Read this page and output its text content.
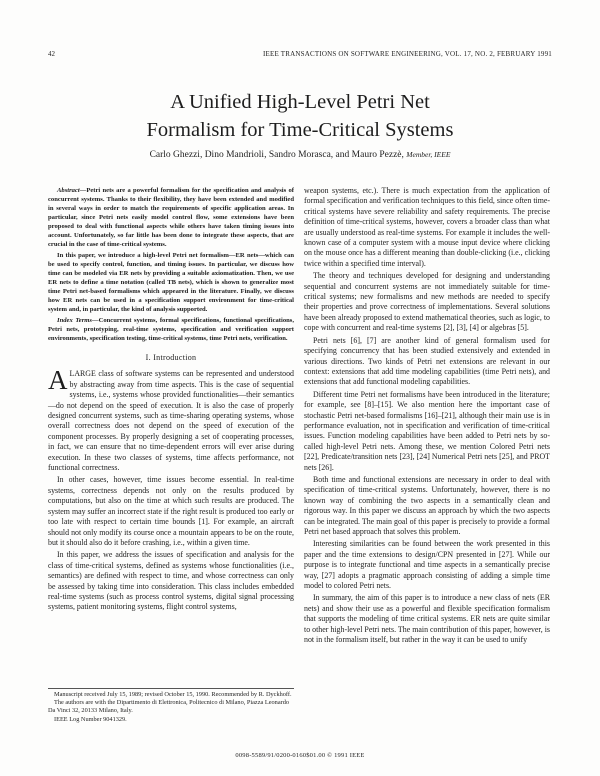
42	IEEE TRANSACTIONS ON SOFTWARE ENGINEERING, VOL. 17, NO. 2, FEBRUARY 1991
A Unified High-Level Petri Net
Formalism for Time-Critical Systems
Carlo Ghezzi, Dino Mandrioli, Sandro Morasca, and Mauro Pezzè, Member, IEEE

Abstract—Petri nets are a powerful formalism for the specification and analysis of concurrent systems. Thanks to their flexibility, they have been extended and modified in several ways in order to match the requirements of specific application areas. In particular, since Petri nets easily model control flow, some extensions have been proposed to deal with functional aspects while others have taken timing issues into account. Unfortunately, so far little has been done to integrate these aspects, that are crucial in the case of time-critical systems.

In this paper, we introduce a high-level Petri net formalism—ER nets—which can be used to specify control, function, and timing issues. In particular, we discuss how time can be modeled via ER nets by providing a suitable axiomatization. Then, we use ER nets to define a time notation (called TB nets), which is shown to generalize most time Petri net-based formalisms which appeared in the literature. Finally, we discuss how ER nets can be used in a specification support environment for time-critical system and, in particular, the kind of analysis supported.

Index Terms—Concurrent systems, formal specifications, functional specifications, Petri nets, prototyping, real-time systems, specification and verification support environments, specification testing, time-critical systems, time Petri nets, verification.

I. Introduction

ALARGE class of software systems can be represented and understood by abstracting away from time aspects. This is the case of sequential systems, i.e., systems whose provided functionalities—their semantics—do not depend on the speed of execution. It is also the case of properly designed concurrent systems, such as time-sharing operating systems, whose overall correctness does not depend on the speed of execution of the component processes. By properly designing a set of cooperating processes, in fact, we can ensure that no time-dependent errors will ever arise during execution. In these two classes of systems, time affects performance, not functional correctness.

In other cases, however, time issues become essential. In real-time systems, correctness depends not only on the results produced by computations, but also on the time at which such results are produced. The system may suffer an incorrect state if the right result is produced too early or too late with respect to certain time bounds [1]. For example, an aircraft should not only modify its course once a mountain appears to be on the route, but it should also do it before crashing, i.e., within a given time.

In this paper, we address the issues of specification and analysis for the class of time-critical systems, defined as systems whose functionalities (i.e., semantics) are defined with respect to time, and whose correctness can only be assessed by taking time into consideration. This class includes embedded real-time systems (such as process control systems, digital signal processing systems, patient monitoring systems, flight control systems,

Manuscript received July 15, 1989; revised October 15, 1990. Recommended by R. Dyckhoff.
The authors are with the Dipartimento di Elettronica, Politecnico di Milano, Piazza Leonardo Da Vinci 32, 20133 Milano, Italy.
IEEE Log Number 9041329.

weapon systems, etc.). There is much expectation from the application of formal specification and verification techniques to this field, since often time-critical systems have severe reliability and safety requirements. The precise definition of time-critical systems, however, covers a broader class than what are usually understood as real-time systems. For example it includes the well-known case of a computer system with a mouse input device where clicking on the mouse once has a different meaning than double-clicking (i.e., clicking twice within a specified time interval).

The theory and techniques developed for designing and understanding sequential and concurrent systems are not immediately suitable for time-critical systems; new formalisms and new methods are needed to specify their properties and prove correctness of implementations. Several solutions have been already proposed to extend mathematical theories, such as logic, to cope with concurrent and real-time systems [2], [3], [4] or algebras [5].

Petri nets [6], [7] are another kind of general formalism used for specifying concurrency that has been studied extensively and extended in various directions. Two kinds of Petri net extensions are relevant in our context: extensions that add time modeling capabilities (time Petri nets), and extensions that add functional modeling capabilities.

Different time Petri net formalisms have been introduced in the literature; for example, see [8]–[15]. We also mention here the important case of stochastic Petri net-based formalisms [16]–[21], although their main use is in performance evaluation, not in specification and verification of time-critical issues. Function modeling capabilities have been added to Petri nets by so-called high-level Petri nets. Among these, we mention Colored Petri nets [22], Predicate/transition nets [23], [24] Numerical Petri nets [25], and PROT nets [26].

Both time and functional extensions are necessary in order to deal with specification of time-critical systems. Unfortunately, however, there is no known way of combining the two aspects in a semantically clean and rigorous way. In this paper we discuss an approach by which the two aspects can be integrated. The main goal of this paper is precisely to provide a formal Petri net based approach that solves this problem.

Interesting similarities can be found between the work presented in this paper and the time extensions to design/CPN presented in [27]. While our purpose is to integrate functional and time aspects in a semantically precise way, [27] adopts a pragmatic approach consisting of adding a simple time model to colored Petri nets.

In summary, the aim of this paper is to introduce a new class of nets (ER nets) and show their use as a powerful and flexible specification formalism that supports the modeling of time critical systems. ER nets are quite similar to other high-level Petri nets. The main contribution of this paper, however, is not in the formalism itself, but rather in the way it can be used to unify

0098-5589/91/0200-0160$01.00 © 1991 IEEE
